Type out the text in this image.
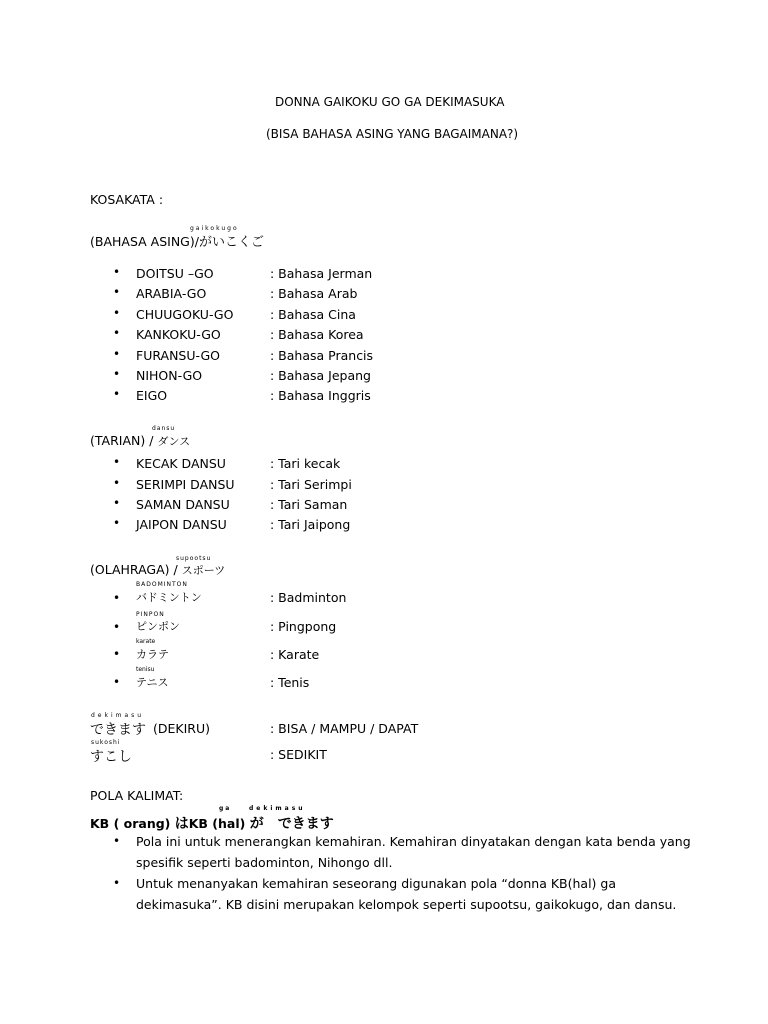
DONNA GAIKOKU GO GA DEKIMASUKA
(BISA BAHASA ASING YANG BAGAIMANA?)
KOSAKATA :
(BAHASA ASING)/がいこくご
gaikokugo
• DOITSU –GO	: Bahasa Jerman
• ARABIA-GO	: Bahasa Arab
• CHUUGOKU-GO	: Bahasa Cina
• KANKOKU-GO	: Bahasa Korea
• FURANSU-GO	: Bahasa Prancis
• NIHON-GO	: Bahasa Jepang
• EIGO	: Bahasa Inggris
(TARIAN) / ダンス
dansu
• KECAK DANSU	: Tari kecak
• SERIMPI DANSU	: Tari Serimpi
• SAMAN DANSU	: Tari Saman
• JAIPON DANSU	: Tari Jaipong
(OLAHRAGA) / スポーツ
supootsu
•
BADOMINTON
バドミントン	: Badminton
•
PINPON
ピンポン	: Pingpong
•
karate
カラテ	: Karate
•
tenisu
テニス	: Tenis
dekimasu
できます (DEKIRU)	: BISA / MAMPU / DAPAT
sukoshi
すこし	: SEDIKIT
POLA KALIMAT:
KB ( orang) はKB (hal) が できます
ga	dekimasu
• Pola ini untuk menerangkan kemahiran. Kemahiran dinyatakan dengan kata benda yang spesifik seperti badominton, Nihongo dll.
• Untuk menanyakan kemahiran seseorang digunakan pola “donna KB(hal) ga dekimasuka”. KB disini merupakan kelompok seperti supootsu, gaikokugo, dan dansu.
